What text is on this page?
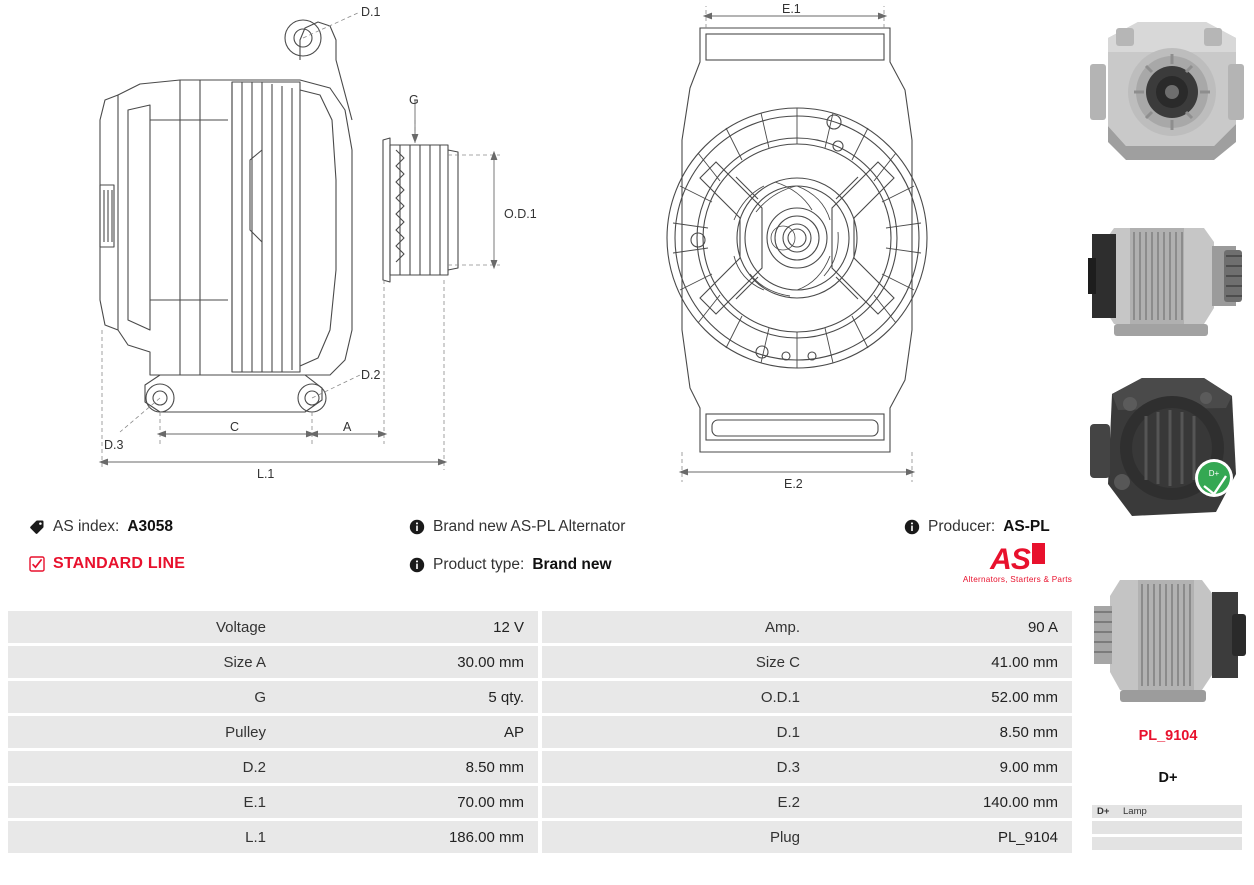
D.1
D.2
D.3
G
O.D.1
A
C
L.1
E.1
E.2
AS index: A3058
STANDARD LINE
Brand new AS-PL Alternator
Product type: Brand new
Producer: AS-PL
AS
Alternators, Starters & Parts
Voltage	12 V		Amp.	90 A
Size A	30.00 mm		Size C	41.00 mm
G	5 qty.		O.D.1	52.00 mm
Pulley	AP		D.1	8.50 mm
D.2	8.50 mm		D.3	9.00 mm
E.1	70.00 mm		E.2	140.00 mm
L.1	186.00 mm		Plug	PL_9104
D+
PL_9104
D+
D+	Lamp
